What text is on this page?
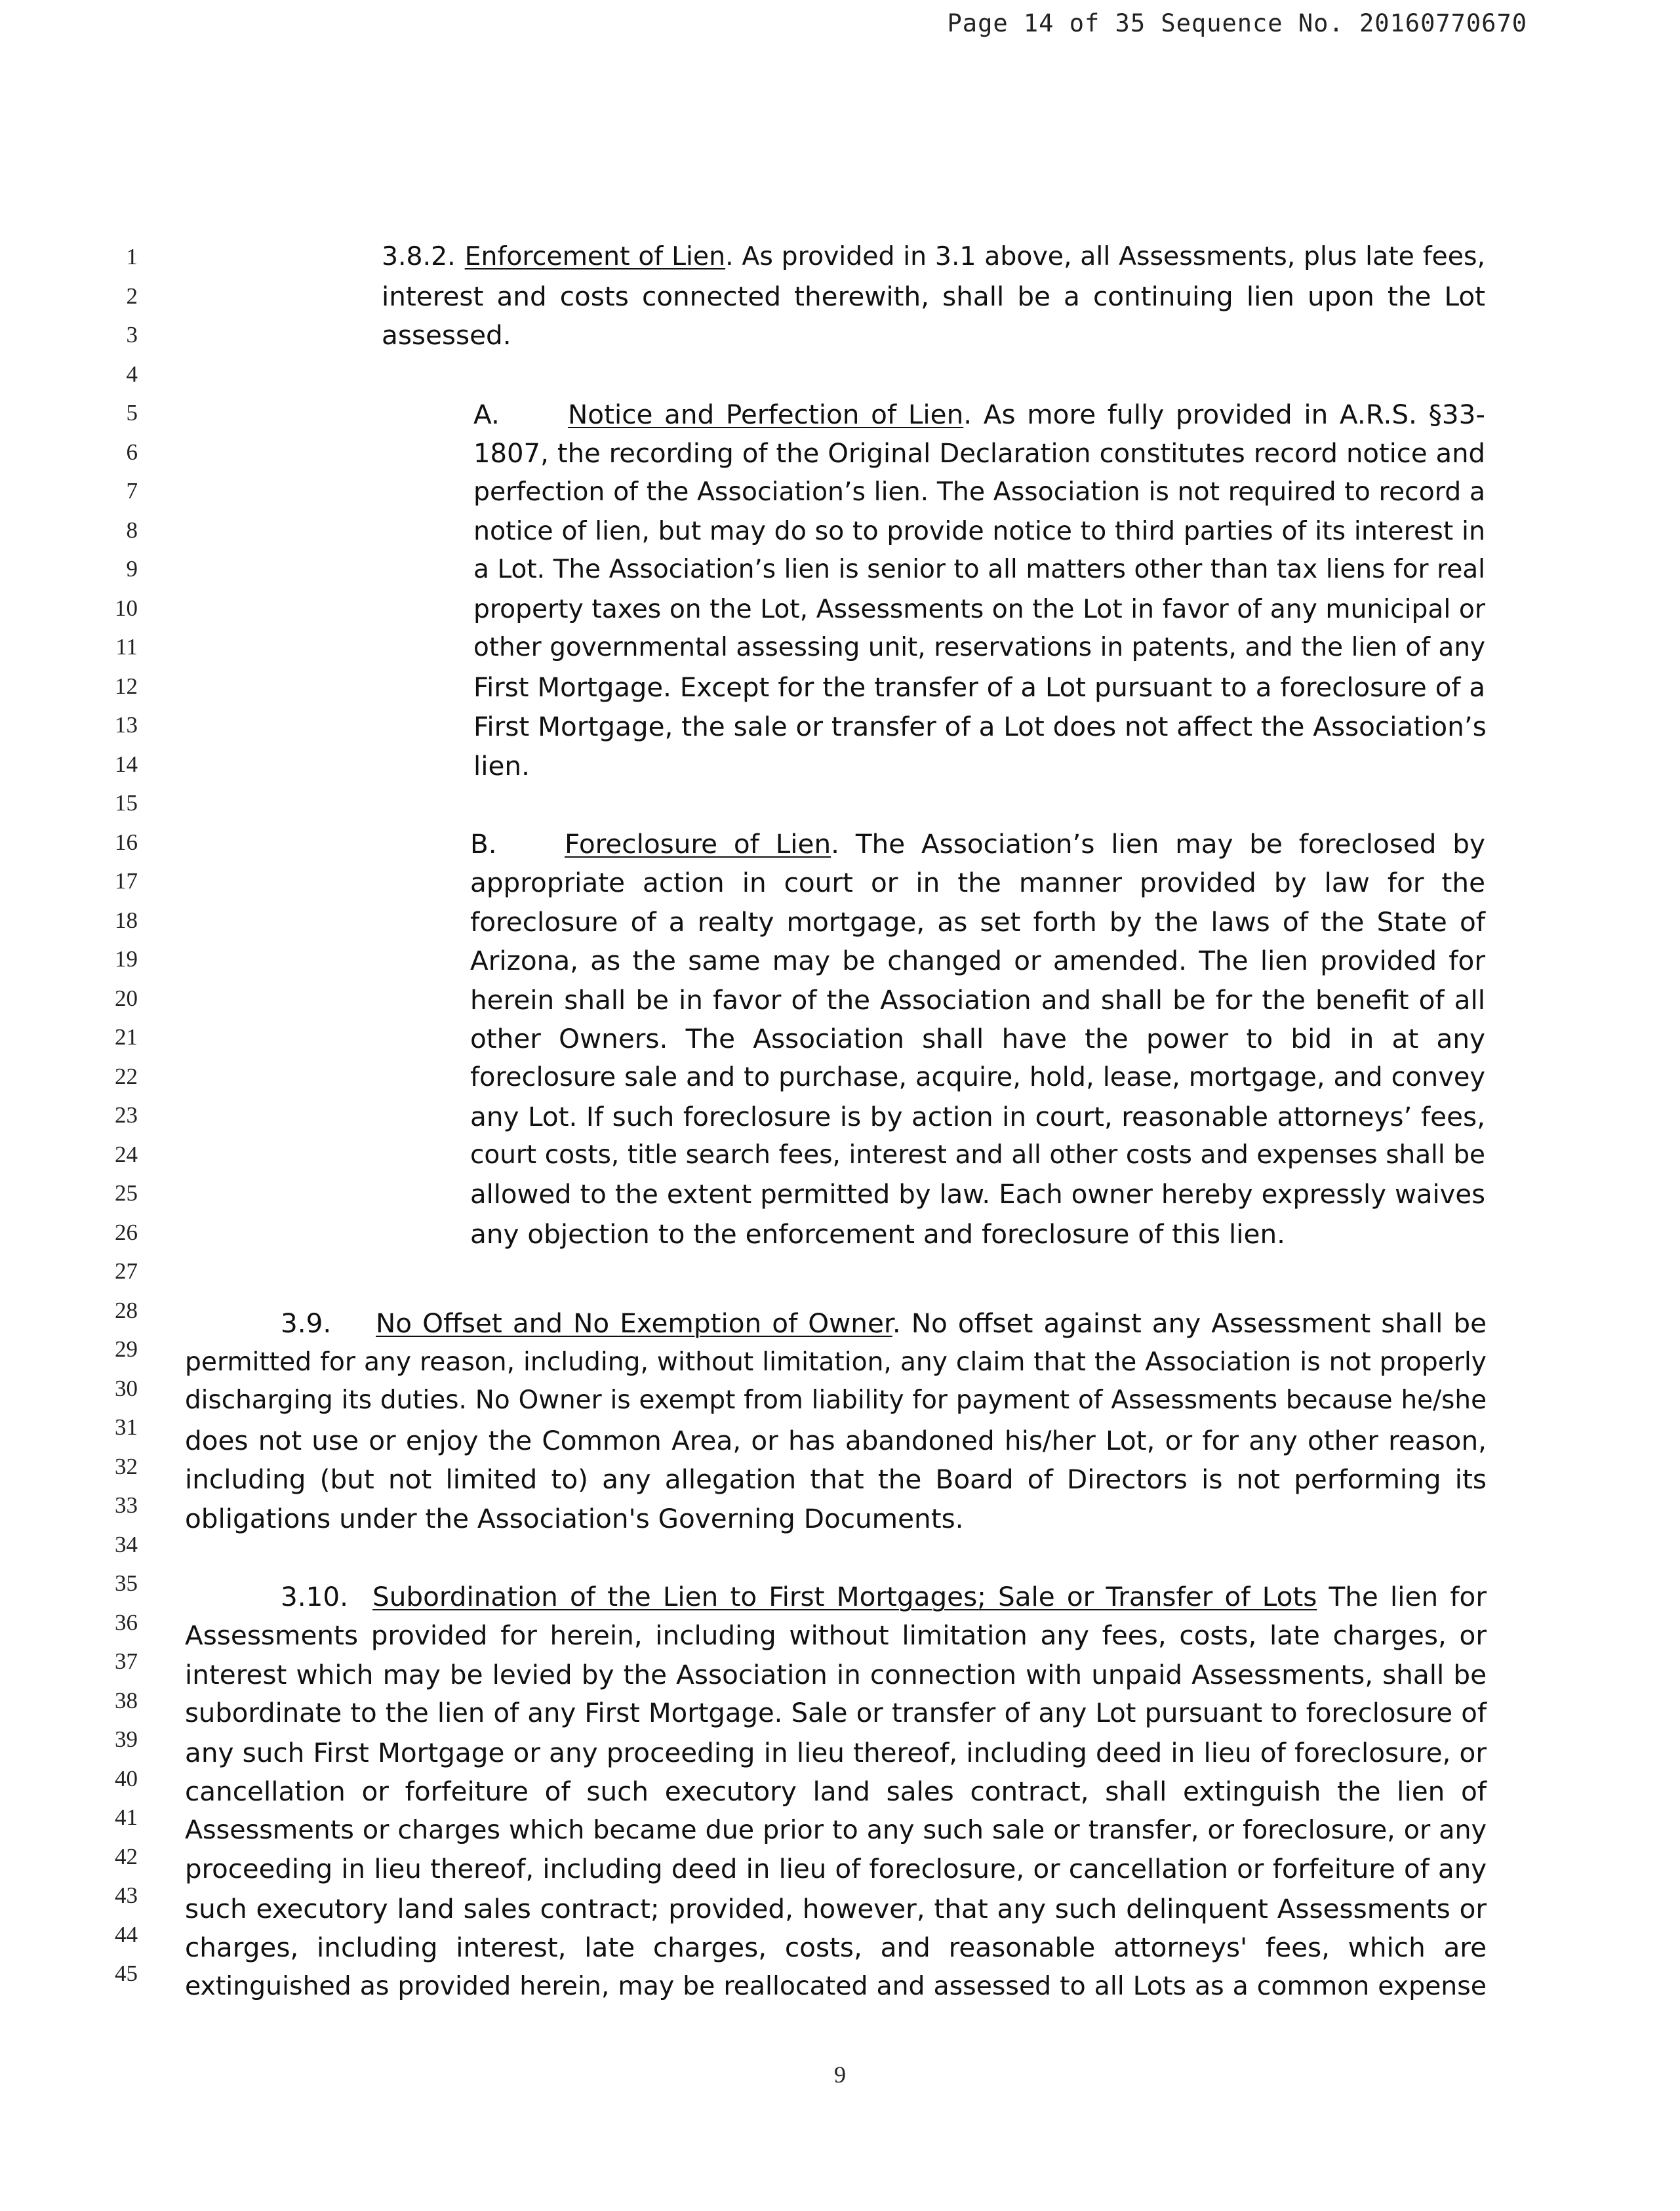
Page 14 of 35 Sequence No. 20160770670
1
2
3
4
5
6
7
8
9
10
11
12
13
14
15
16
17
18
19
20
21
22
23
24
25
26
27
28
29
30
31
32
33
34
35
36
37
38
39
40
41
42
43
44
45
3.8.2. Enforcement of Lien. As provided in 3.1 above, all Assessments, plus late fees,
interest and costs connected therewith, shall be a continuing lien upon the Lot
assessed.
A.	Notice and Perfection of Lien. As more fully provided in A.R.S. §33-
1807, the recording of the Original Declaration constitutes record notice and
perfection of the Association’s lien. The Association is not required to record a
notice of lien, but may do so to provide notice to third parties of its interest in
a Lot. The Association’s lien is senior to all matters other than tax liens for real
property taxes on the Lot, Assessments on the Lot in favor of any municipal or
other governmental assessing unit, reservations in patents, and the lien of any
First Mortgage. Except for the transfer of a Lot pursuant to a foreclosure of a
First Mortgage, the sale or transfer of a Lot does not affect the Association’s
lien.
B.	Foreclosure of Lien. The Association’s lien may be foreclosed by
appropriate action in court or in the manner provided by law for the
foreclosure of a realty mortgage, as set forth by the laws of the State of
Arizona, as the same may be changed or amended. The lien provided for
herein shall be in favor of the Association and shall be for the benefit of all
other Owners. The Association shall have the power to bid in at any
foreclosure sale and to purchase, acquire, hold, lease, mortgage, and convey
any Lot. If such foreclosure is by action in court, reasonable attorneys’ fees,
court costs, title search fees, interest and all other costs and expenses shall be
allowed to the extent permitted by law. Each owner hereby expressly waives
any objection to the enforcement and foreclosure of this lien.
3.9. No Offset and No Exemption of Owner. No offset against any Assessment shall be
permitted for any reason, including, without limitation, any claim that the Association is not properly
discharging its duties. No Owner is exempt from liability for payment of Assessments because he/she
does not use or enjoy the Common Area, or has abandoned his/her Lot, or for any other reason,
including (but not limited to) any allegation that the Board of Directors is not performing its
obligations under the Association's Governing Documents.
3.10. Subordination of the Lien to First Mortgages; Sale or Transfer of Lots The lien for
Assessments provided for herein, including without limitation any fees, costs, late charges, or
interest which may be levied by the Association in connection with unpaid Assessments, shall be
subordinate to the lien of any First Mortgage. Sale or transfer of any Lot pursuant to foreclosure of
any such First Mortgage or any proceeding in lieu thereof, including deed in lieu of foreclosure, or
cancellation or forfeiture of such executory land sales contract, shall extinguish the lien of
Assessments or charges which became due prior to any such sale or transfer, or foreclosure, or any
proceeding in lieu thereof, including deed in lieu of foreclosure, or cancellation or forfeiture of any
such executory land sales contract; provided, however, that any such delinquent Assessments or
charges, including interest, late charges, costs, and reasonable attorneys' fees, which are
extinguished as provided herein, may be reallocated and assessed to all Lots as a common expense
9
